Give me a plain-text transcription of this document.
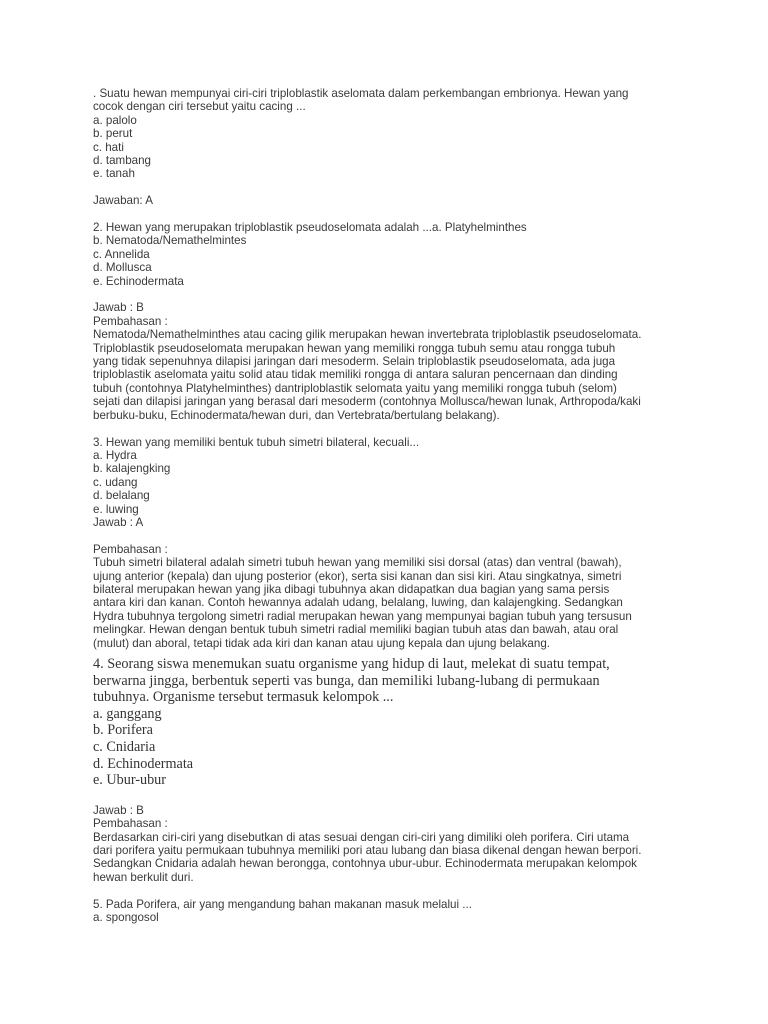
. Suatu hewan mempunyai ciri-ciri triploblastik aselomata dalam perkembangan embrionya. Hewan yang
cocok dengan ciri tersebut yaitu cacing ...
a. palolo
b. perut
c. hati
d. tambang
e. tanah
Jawaban: A
2. Hewan yang merupakan triploblastik pseudoselomata adalah ...a. Platyhelminthes
b. Nematoda/Nemathelmintes
c. Annelida
d. Mollusca
e. Echinodermata
Jawab : B
Pembahasan :
Nematoda/Nemathelminthes atau cacing gilik merupakan hewan invertebrata triploblastik pseudoselomata.
Triploblastik pseudoselomata merupakan hewan yang memiliki rongga tubuh semu atau rongga tubuh
yang tidak sepenuhnya dilapisi jaringan dari mesoderm. Selain triploblastik pseudoselomata, ada juga
triploblastik aselomata yaitu solid atau tidak memiliki rongga di antara saluran pencernaan dan dinding
tubuh (contohnya Platyhelminthes) dantriploblastik selomata yaitu yang memiliki rongga tubuh (selom)
sejati dan dilapisi jaringan yang berasal dari mesoderm (contohnya Mollusca/hewan lunak, Arthropoda/kaki
berbuku-buku, Echinodermata/hewan duri, dan Vertebrata/bertulang belakang).
3. Hewan yang memiliki bentuk tubuh simetri bilateral, kecuali...
a. Hydra
b. kalajengking
c. udang
d. belalang
e. luwing
Jawab : A
Pembahasan :
Tubuh simetri bilateral adalah simetri tubuh hewan yang memiliki sisi dorsal (atas) dan ventral (bawah),
ujung anterior (kepala) dan ujung posterior (ekor), serta sisi kanan dan sisi kiri. Atau singkatnya, simetri
bilateral merupakan hewan yang jika dibagi tubuhnya akan didapatkan dua bagian yang sama persis
antara kiri dan kanan. Contoh hewannya adalah udang, belalang, luwing, dan kalajengking. Sedangkan
Hydra tubuhnya tergolong simetri radial merupakan hewan yang mempunyai bagian tubuh yang tersusun
melingkar. Hewan dengan bentuk tubuh simetri radial memiliki bagian tubuh atas dan bawah, atau oral
(mulut) dan aboral, tetapi tidak ada kiri dan kanan atau ujung kepala dan ujung belakang.
4. Seorang siswa menemukan suatu organisme yang hidup di laut, melekat di suatu tempat,
berwarna jingga, berbentuk seperti vas bunga, dan memiliki lubang-lubang di permukaan
tubuhnya. Organisme tersebut termasuk kelompok ...
a. ganggang
b. Porifera
c. Cnidaria
d. Echinodermata
e. Ubur-ubur
Jawab : B
Pembahasan :
Berdasarkan ciri-ciri yang disebutkan di atas sesuai dengan ciri-ciri yang dimiliki oleh porifera. Ciri utama
dari porifera yaitu permukaan tubuhnya memiliki pori atau lubang dan biasa dikenal dengan hewan berpori.
Sedangkan Cnidaria adalah hewan berongga, contohnya ubur-ubur. Echinodermata merupakan kelompok
hewan berkulit duri.
5. Pada Porifera, air yang mengandung bahan makanan masuk melalui ...
a. spongosol
